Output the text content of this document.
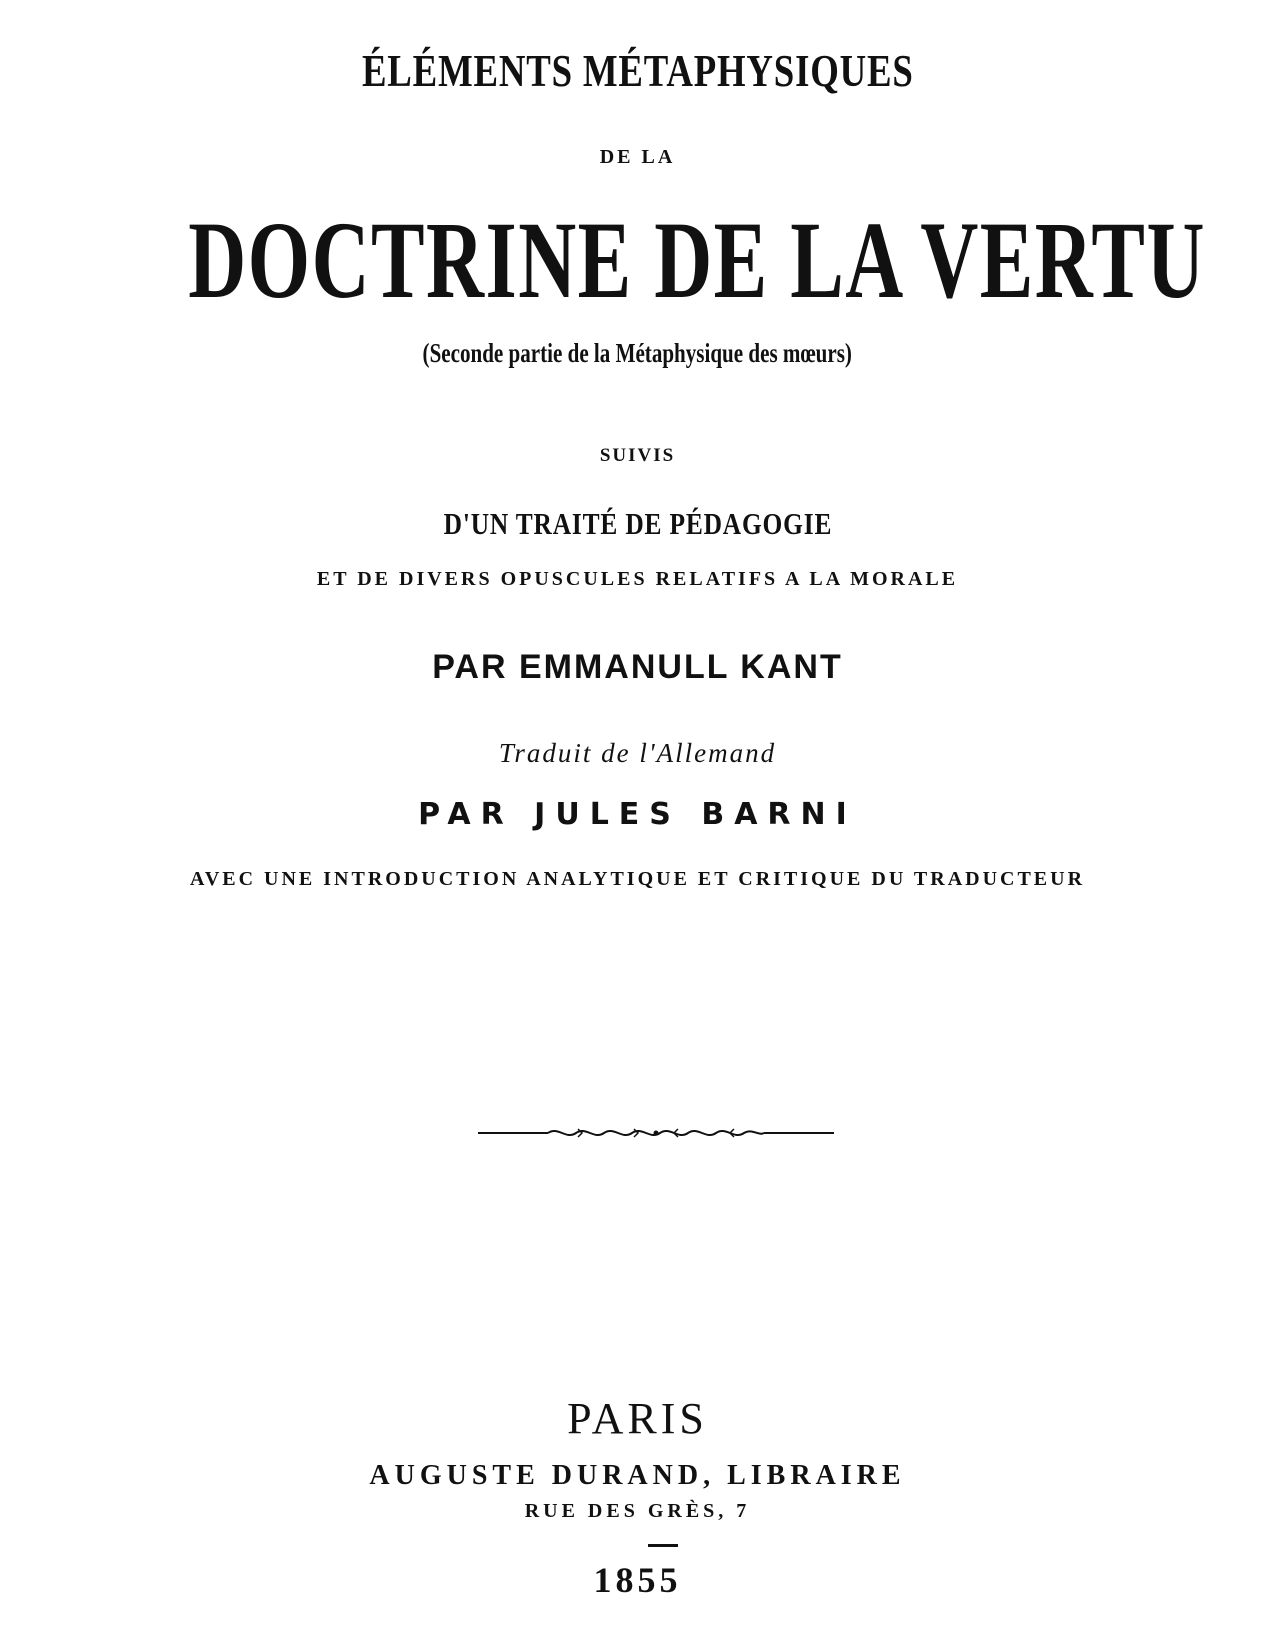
ÉLÉMENTS MÉTAPHYSIQUES
DE LA
DOCTRINE DE LA VERTU
(Seconde partie de la Métaphysique des mœurs)
SUIVIS
D'UN TRAITÉ DE PÉDAGOGIE
ET DE DIVERS OPUSCULES RELATIFS A LA MORALE
PAR EMMANULL KANT
Traduit de l'Allemand
PAR JULES BARNI
AVEC UNE INTRODUCTION ANALYTIQUE ET CRITIQUE DU TRADUCTEUR
PARIS
AUGUSTE DURAND, LIBRAIRE
RUE DES GRÈS, 7
1855
